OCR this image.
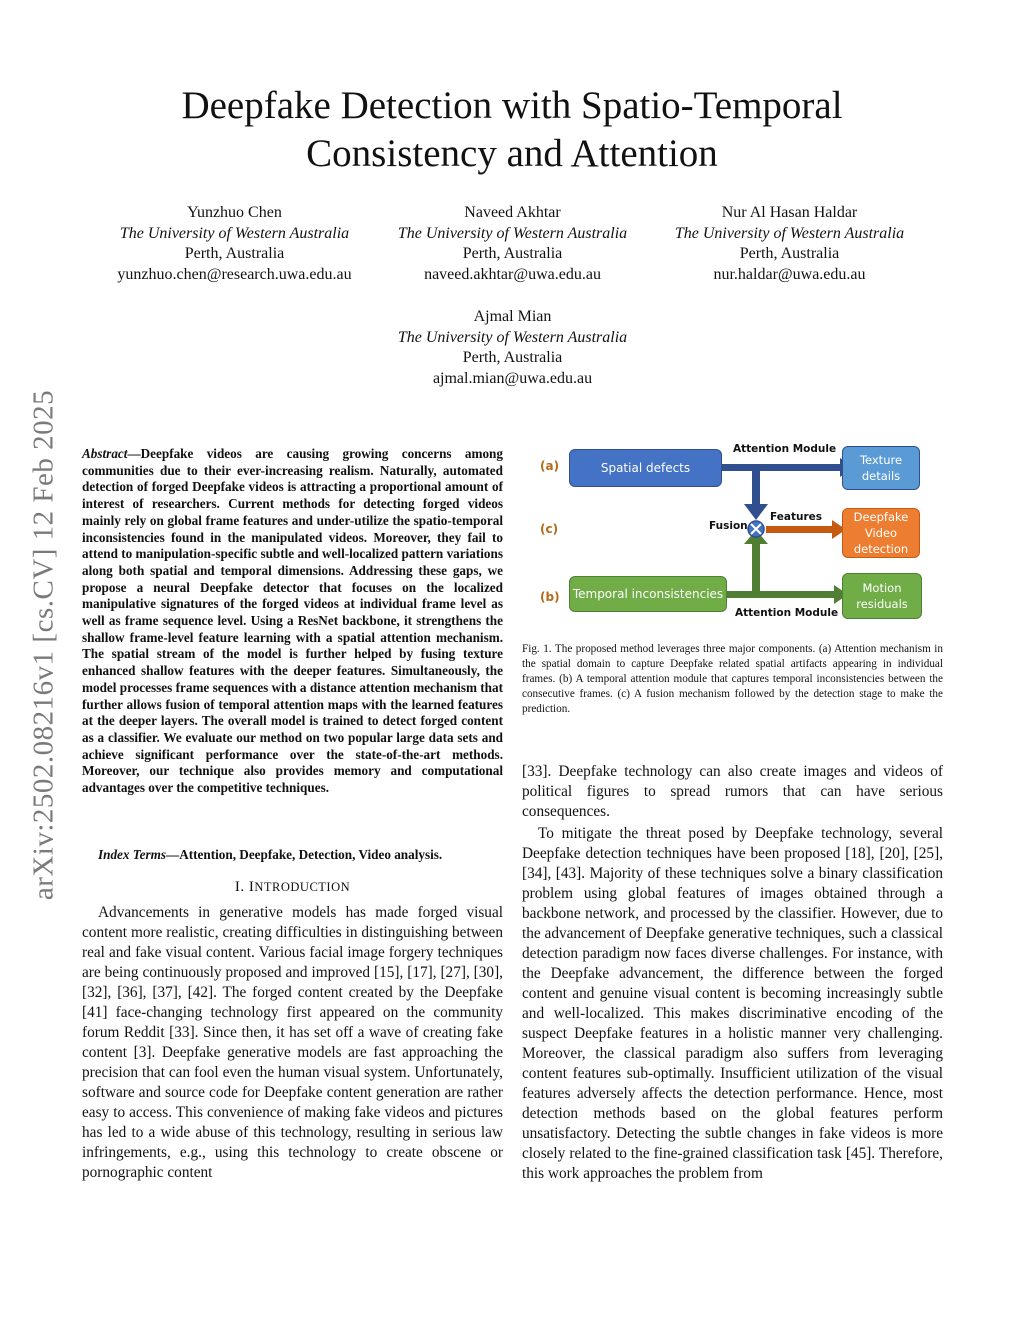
arXiv:2502.08216v1 [cs.CV] 12 Feb 2025
Deepfake Detection with Spatio-Temporal
Consistency and Attention
Yunzhuo Chen
The University of Western Australia
Perth, Australia
yunzhuo.chen@research.uwa.edu.au
Naveed Akhtar
The University of Western Australia
Perth, Australia
naveed.akhtar@uwa.edu.au
Nur Al Hasan Haldar
The University of Western Australia
Perth, Australia
nur.haldar@uwa.edu.au
Ajmal Mian
The University of Western Australia
Perth, Australia
ajmal.mian@uwa.edu.au
Abstract—Deepfake videos are causing growing concerns among communities due to their ever-increasing realism. Naturally, automated detection of forged Deepfake videos is attracting a proportional amount of interest of researchers. Current methods for detecting forged videos mainly rely on global frame features and under-utilize the spatio-temporal inconsistencies found in the manipulated videos. Moreover, they fail to attend to manipulation-specific subtle and well-localized pattern variations along both spatial and temporal dimensions. Addressing these gaps, we propose a neural Deepfake detector that focuses on the localized manipulative signatures of the forged videos at individual frame level as well as frame sequence level. Using a ResNet backbone, it strengthens the shallow frame-level feature learning with a spatial attention mechanism. The spatial stream of the model is further helped by fusing texture enhanced shallow features with the deeper features. Simultaneously, the model processes frame sequences with a distance attention mechanism that further allows fusion of temporal attention maps with the learned features at the deeper layers. The overall model is trained to detect forged content as a classifier. We evaluate our method on two popular large data sets and achieve significant performance over the state-of-the-art methods. Moreover, our technique also provides memory and computational advantages over the competitive techniques.
Index Terms—Attention, Deepfake, Detection, Video analysis.
I. INTRODUCTION
Advancements in generative models has made forged visual content more realistic, creating difficulties in distinguishing between real and fake visual content. Various facial image forgery techniques are being continuously proposed and improved [15], [17], [27], [30], [32], [36], [37], [42]. The forged content created by the Deepfake [41] face-changing technology first appeared on the community forum Reddit [33]. Since then, it has set off a wave of creating fake content [3]. Deepfake generative models are fast approaching the precision that can fool even the human visual system. Unfortunately, software and source code for Deepfake content generation are rather easy to access. This convenience of making fake videos and pictures has led to a wide abuse of this technology, resulting in serious law infringements, e.g., using this technology to create obscene or pornographic content
(a)
(c)
(b)
Spatial defects
Temporal inconsistencies
Texture details
Deepfake Video detection
Motion residuals
Attention Module
Attention Module
Fusion
Features
Fig. 1. The proposed method leverages three major components. (a) Attention mechanism in the spatial domain to capture Deepfake related spatial artifacts appearing in individual frames. (b) A temporal attention module that captures temporal inconsistencies between the consecutive frames. (c) A fusion mechanism followed by the detection stage to make the prediction.
[33]. Deepfake technology can also create images and videos of political figures to spread rumors that can have serious consequences.
To mitigate the threat posed by Deepfake technology, several Deepfake detection techniques have been proposed [18], [20], [25], [34], [43]. Majority of these techniques solve a binary classification problem using global features of images obtained through a backbone network, and processed by the classifier. However, due to the advancement of Deepfake generative techniques, such a classical detection paradigm now faces diverse challenges. For instance, with the Deepfake advancement, the difference between the forged content and genuine visual content is becoming increasingly subtle and well-localized. This makes discriminative encoding of the suspect Deepfake features in a holistic manner very challenging. Moreover, the classical paradigm also suffers from leveraging content features sub-optimally. Insufficient utilization of the visual features adversely affects the detection performance. Hence, most detection methods based on the global features perform unsatisfactory. Detecting the subtle changes in fake videos is more closely related to the fine-grained classification task [45]. Therefore, this work approaches the problem from
